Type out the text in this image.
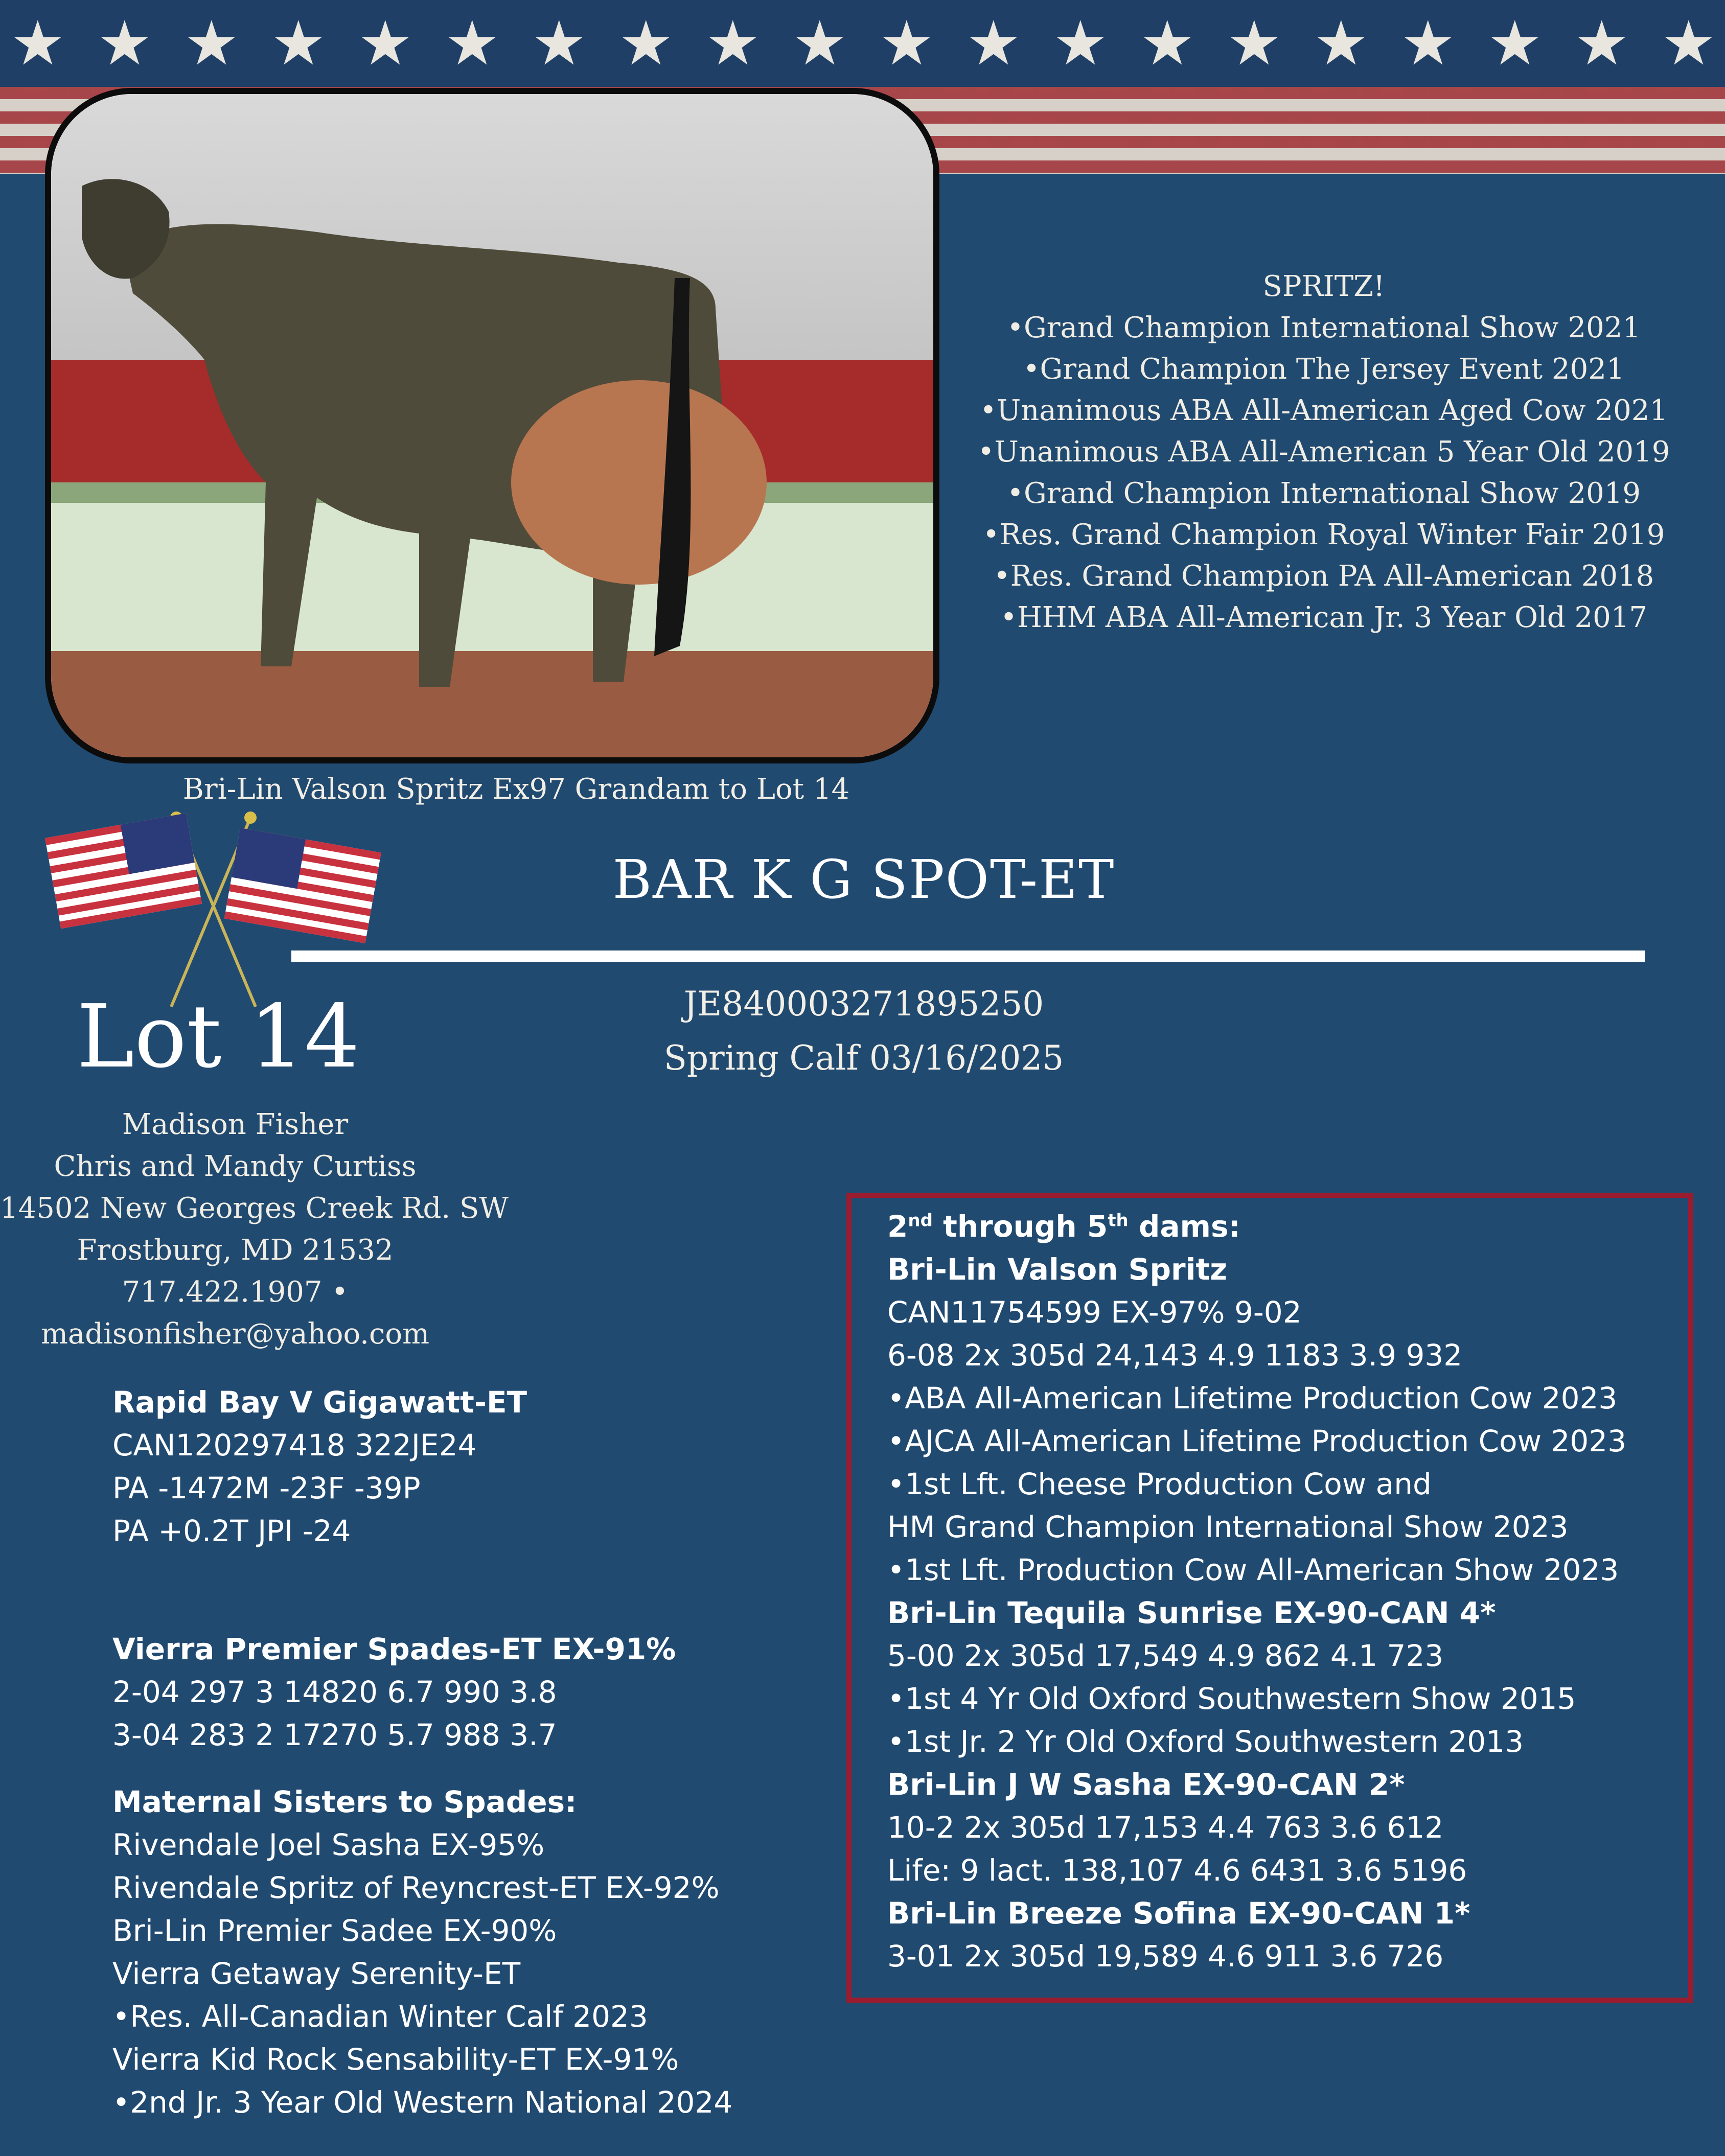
★ ★ ★ ★ ★ ★ ★ ★ ★ ★ ★ ★ ★ ★ ★ ★ ★ ★ ★ ★
Bri-Lin Valson Spritz Ex97 Grandam to Lot 14
SPRITZ!
•Grand Champion International Show 2021
•Grand Champion The Jersey Event 2021
•Unanimous ABA All-American Aged Cow 2021
•Unanimous ABA All-American 5 Year Old 2019
•Grand Champion International Show 2019
•Res. Grand Champion Royal Winter Fair 2019
•Res. Grand Champion PA All-American 2018
•HHM ABA All-American Jr. 3 Year Old 2017
BAR K G SPOT-ET
JE840003271895250
Spring Calf 03/16/2025
Lot 14
Madison Fisher
Chris and Mandy Curtiss
14502 New Georges Creek Rd. SW
Frostburg, MD 21532
717.422.1907 •
madisonfisher@yahoo.com
Rapid Bay V Gigawatt-ET
CAN120297418 322JE24
PA -1472M -23F -39P
PA +0.2T JPI -24
Vierra Premier Spades-ET EX-91%
2-04 297 3 14820 6.7 990 3.8
3-04 283 2 17270 5.7 988 3.7
Maternal Sisters to Spades:
Rivendale Joel Sasha EX-95%
Rivendale Spritz of Reyncrest-ET EX-92%
Bri-Lin Premier Sadee EX-90%
Vierra Getaway Serenity-ET
•Res. All-Canadian Winter Calf 2023
Vierra Kid Rock Sensability-ET EX-91%
•2nd Jr. 3 Year Old Western National 2024
2nd through 5th dams:
Bri-Lin Valson Spritz
CAN11754599 EX-97% 9-02
6-08 2x 305d 24,143 4.9 1183 3.9 932
•ABA All-American Lifetime Production Cow 2023
•AJCA All-American Lifetime Production Cow 2023
•1st Lft. Cheese Production Cow and
HM Grand Champion International Show 2023
•1st Lft. Production Cow All-American Show 2023
Bri-Lin Tequila Sunrise EX-90-CAN 4*
5-00 2x 305d 17,549 4.9 862 4.1 723
•1st 4 Yr Old Oxford Southwestern Show 2015
•1st Jr. 2 Yr Old Oxford Southwestern 2013
Bri-Lin J W Sasha EX-90-CAN 2*
10-2 2x 305d 17,153 4.4 763 3.6 612
Life: 9 lact. 138,107 4.6 6431 3.6 5196
Bri-Lin Breeze Sofina EX-90-CAN 1*
3-01 2x 305d 19,589 4.6 911 3.6 726
